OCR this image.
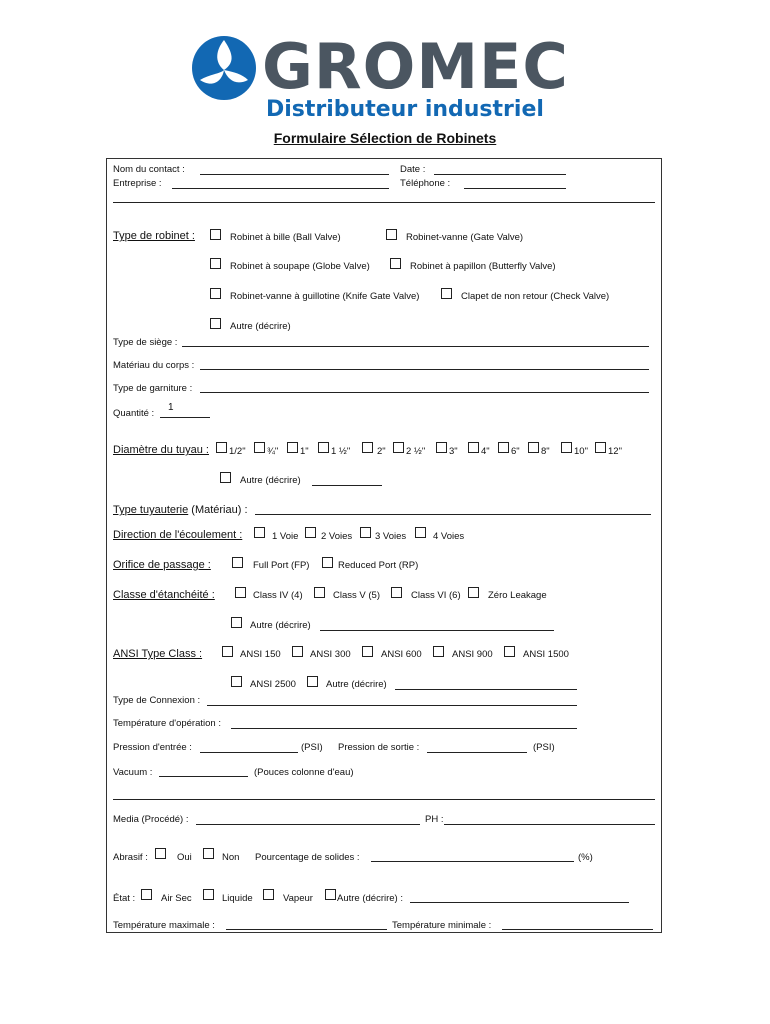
GROMEC
Distributeur industriel
Formulaire Sélection de Robinets
Nom du contact :	Date :
Entreprise :	Téléphone :
Type de robinet :	Robinet à bille (Ball Valve)	Robinet-vanne (Gate Valve)
Robinet à soupape (Globe Valve)	Robinet à papillon (Butterfly Valve)
Robinet-vanne à guillotine (Knife Gate Valve)	Clapet de non retour (Check Valve)
Autre (décrire)
Type de siège :
Matériau du corps :
Type de garniture :
Quantité :
1
Diamètre du tuyau : 1/2" ¾" 1" 1 ½"	2" 2 ½"	3" 4" 6" 8"	10" 12"
Autre (décrire)
Type tuyauterie (Matériau) :
Direction de l'écoulement :	1 Voie 2 Voies 3 Voies	4 Voies
Orifice de passage :	Full Port (FP)	Reduced Port (RP)
Classe d'étanchéité :	Class IV (4)	Class V (5)	Class VI (6)	Zéro Leakage
Autre (décrire)
ANSI Type Class :	ANSI 150	ANSI 300	ANSI 600	ANSI 900	ANSI 1500
ANSI 2500	Autre (décrire)
Type de Connexion :
Température d'opération :
Pression d'entrée :	(PSI) Pression de sortie :	(PSI)
Vacuum :	(Pouces colonne d'eau)
Media (Procédé) :	PH :
Abrasif :	Oui	Non Pourcentage de solides :	(%)
État :	Air Sec	Liquide	Vapeur	Autre (décrire) :
Température maximale :	Température minimale :
